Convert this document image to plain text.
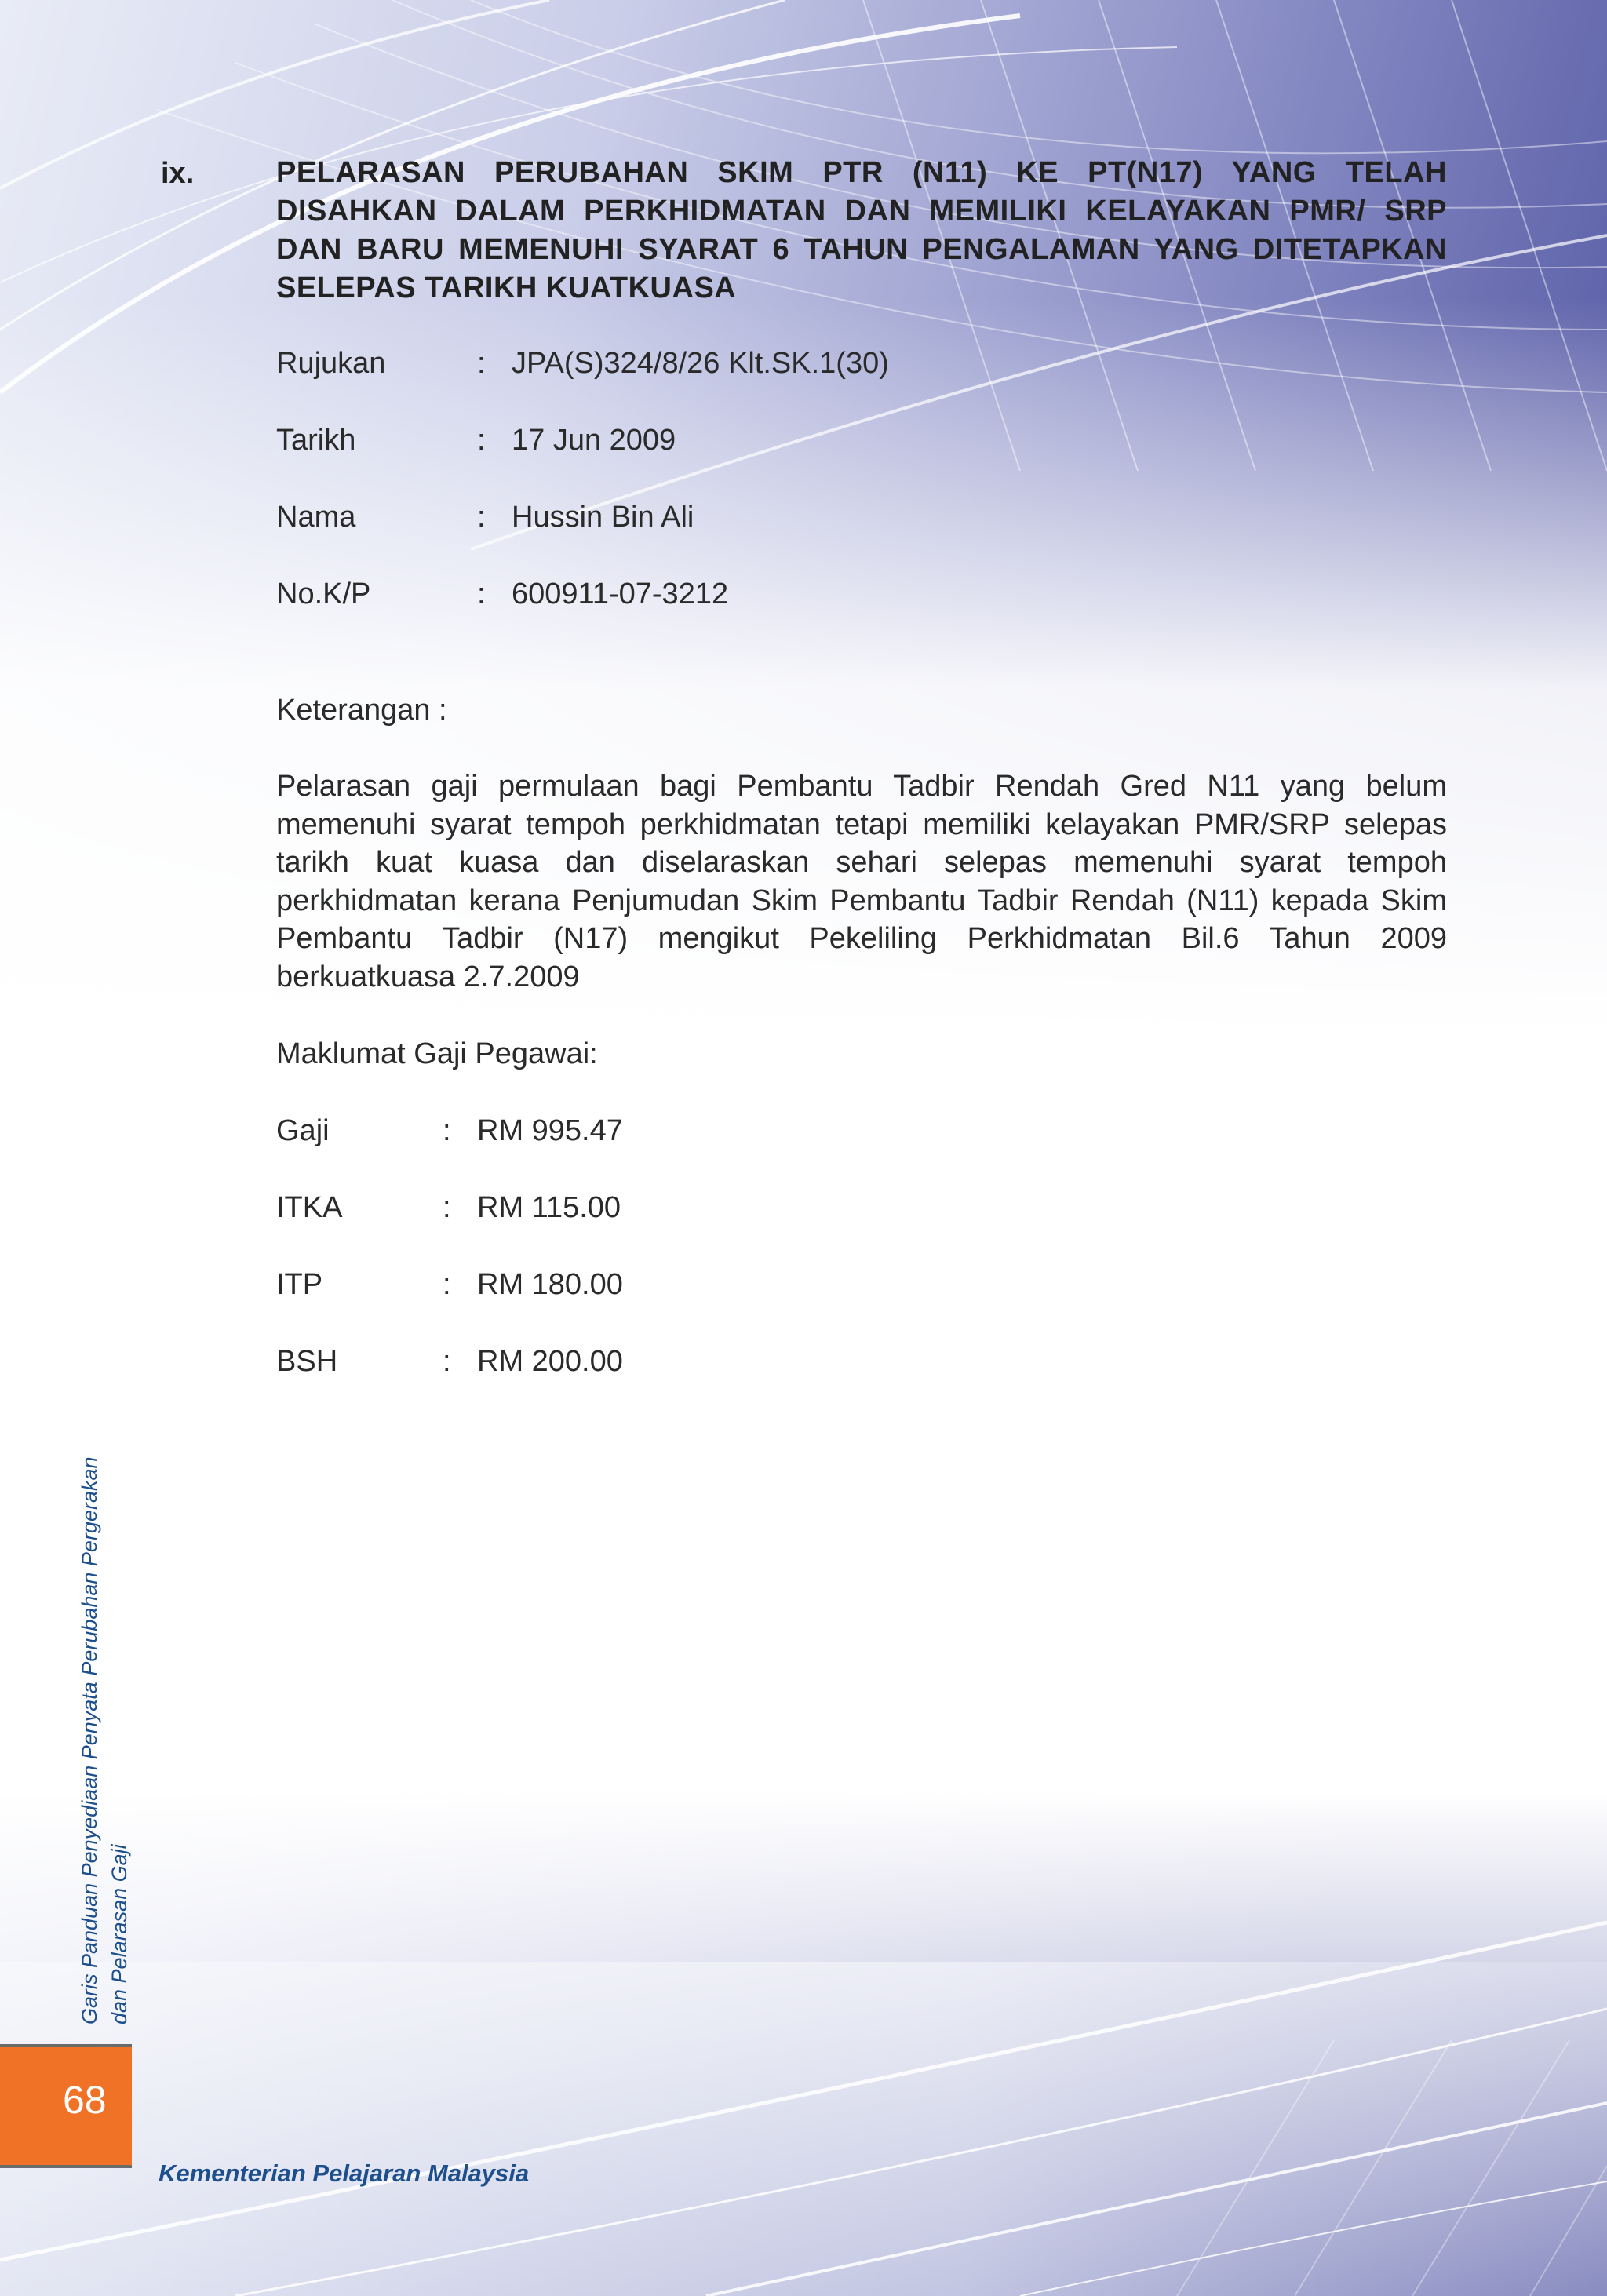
ix.	PELARASAN PERUBAHAN SKIM PTR (N11) KE PT(N17) YANG TELAH DISAHKAN DALAM PERKHIDMATAN DAN MEMILIKI KELAYAKAN PMR/ SRP DAN BARU MEMENUHI SYARAT 6 TAHUN PENGALAMAN YANG DITETAPKAN SELEPAS TARIKH KUATKUASA

Rujukan	: JPA(S)324/8/26 Klt.SK.1(30)
Tarikh	: 17 Jun 2009
Nama	: Hussin Bin Ali
No.K/P	: 600911-07-3212
Keterangan :

Pelarasan gaji permulaan bagi Pembantu Tadbir Rendah Gred N11 yang belum memenuhi syarat tempoh perkhidmatan tetapi memiliki kelayakan PMR/SRP selepas tarikh kuat kuasa dan diselaraskan sehari selepas memenuhi syarat tempoh perkhidmatan kerana Penjumudan Skim Pembantu Tadbir Rendah (N11) kepada Skim Pembantu Tadbir (N17) mengikut Pekeliling Perkhidmatan Bil.6 Tahun 2009 berkuatkuasa 2.7.2009

Maklumat Gaji Pegawai:
Gaji	: RM 995.47
ITKA	: RM 115.00
ITP	: RM 180.00
BSH	: RM 200.00
Garis Panduan Penyediaan Penyata Perubahan Pergerakan dan Pelarasan Gaji
68
Kementerian Pelajaran Malaysia
